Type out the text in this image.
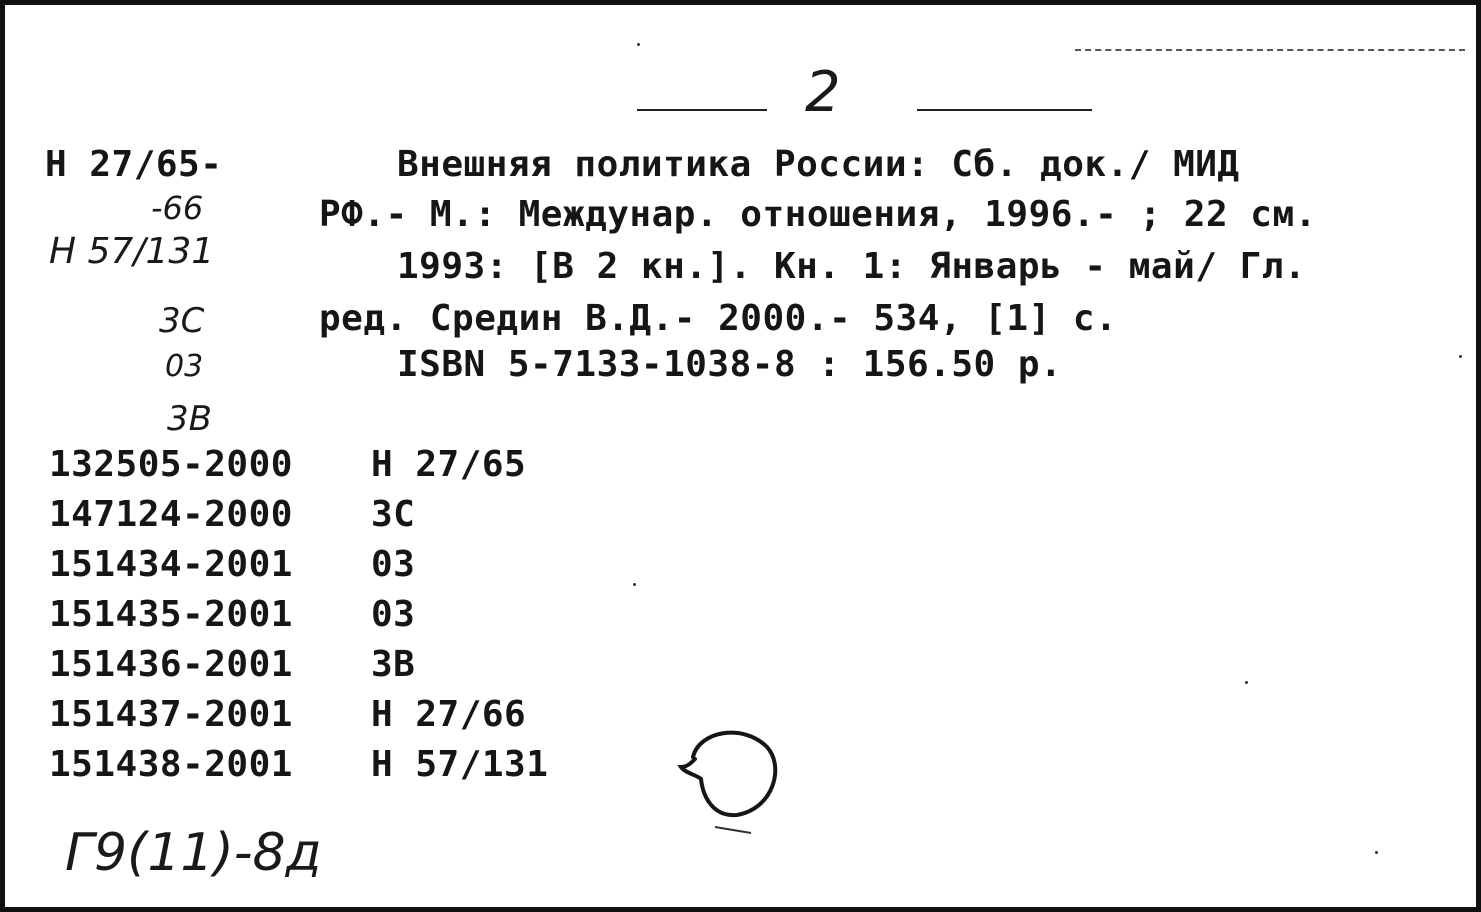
2
Н 27/65-
-66
Н 57/131
3С
03
3В
Внешняя политика России: Сб. док./ МИД
РФ.- М.: Междунар. отношения, 1996.- ; 22 см.
1993: [В 2 кн.]. Кн. 1: Январь - май/ Гл.
ред. Средин В.Д.- 2000.- 534, [1] с.
ISBN 5-7133-1038-8 : 156.50 р.
132505-2000 Н 27/65
147124-2000 3С
151434-2001 03
151435-2001 03
151436-2001 3В
151437-2001 Н 27/66
151438-2001 Н 57/131
Г9(11)-8д
